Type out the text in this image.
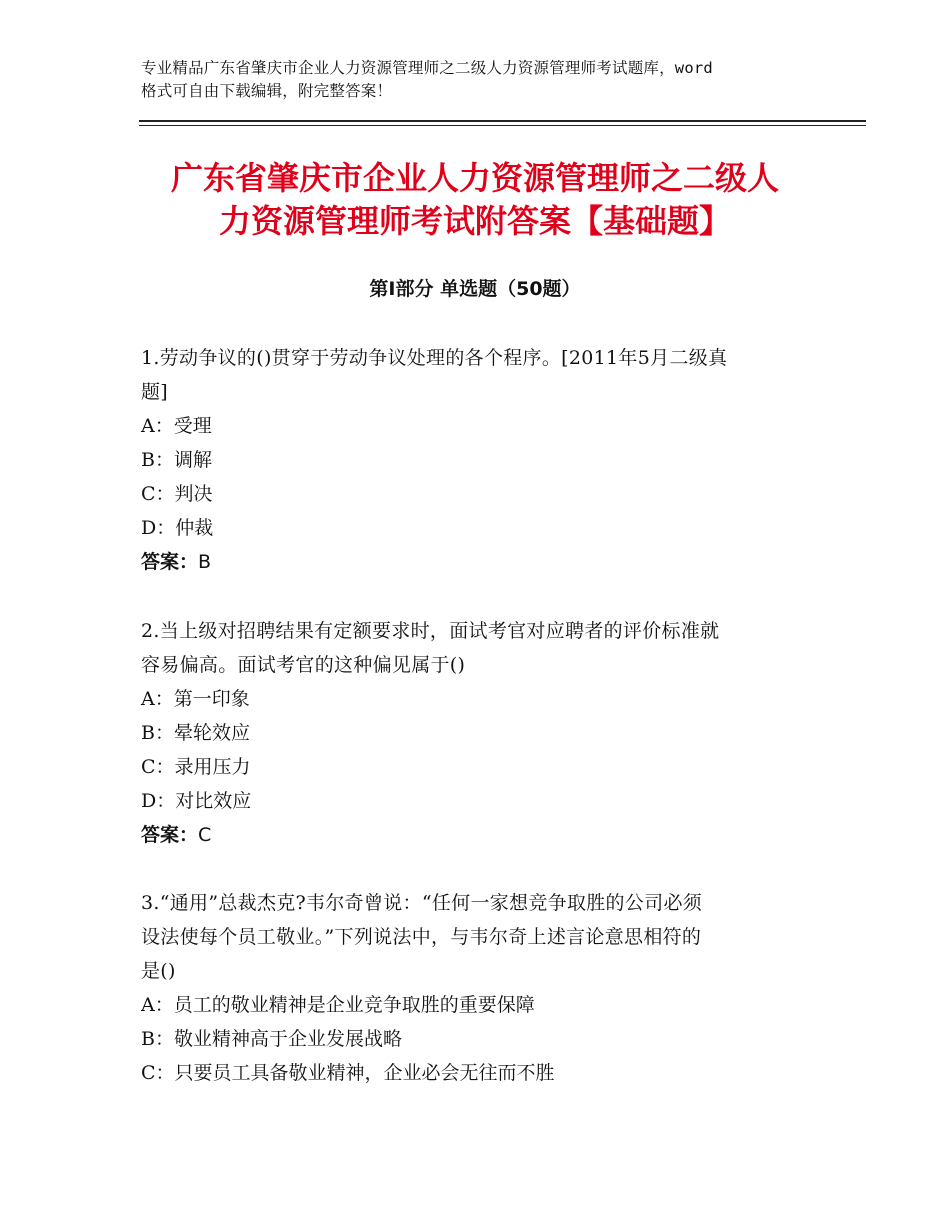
专业精品广东省肇庆市企业人力资源管理师之二级人力资源管理师考试题库，word
格式可自由下载编辑，附完整答案！
广东省肇庆市企业人力资源管理师之二级人
力资源管理师考试附答案【基础题】
第Ⅰ部分 单选题（50题）
1.劳动争议的()贯穿于劳动争议处理的各个程序。[2011年5月二级真
题]
A：受理
B：调解
C：判决
D：仲裁
答案：B
2.当上级对招聘结果有定额要求时，面试考官对应聘者的评价标准就
容易偏高。面试考官的这种偏见属于()
A：第一印象
B：晕轮效应
C：录用压力
D：对比效应
答案：C
3.“通用”总裁杰克?韦尔奇曾说：“任何一家想竞争取胜的公司必须
设法使每个员工敬业。”下列说法中，与韦尔奇上述言论意思相符的
是()
A：员工的敬业精神是企业竞争取胜的重要保障
B：敬业精神高于企业发展战略
C：只要员工具备敬业精神，企业必会无往而不胜
